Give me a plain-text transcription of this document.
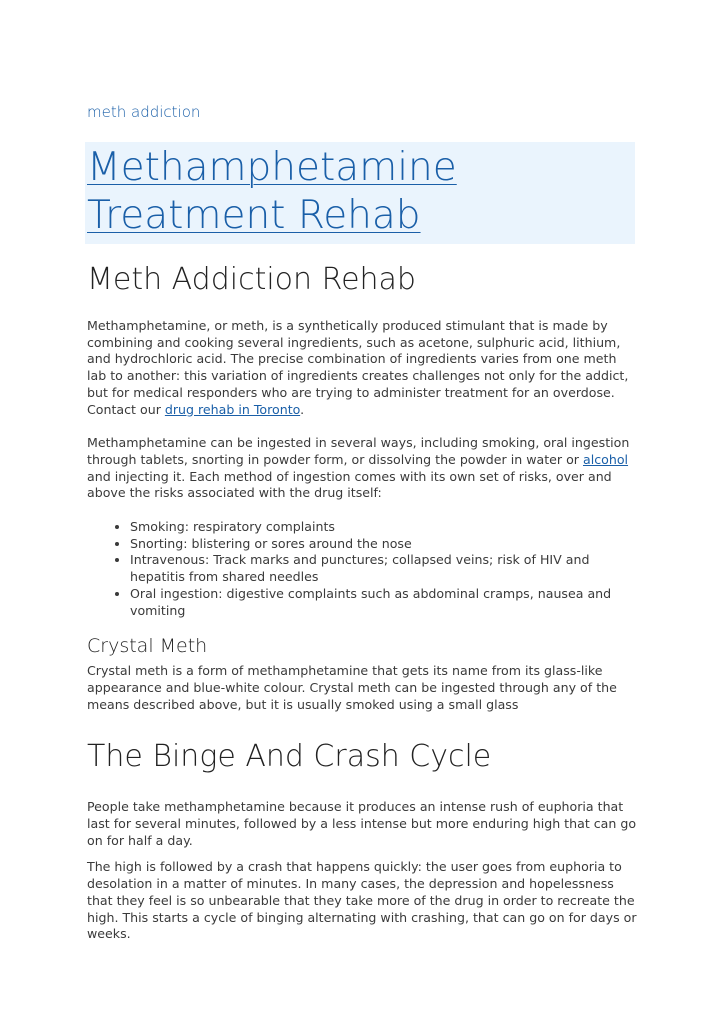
meth addiction
Methamphetamine Treatment Rehab
Meth Addiction Rehab

Methamphetamine, or meth, is a synthetically produced stimulant that is made by combining and cooking several ingredients, such as acetone, sulphuric acid, lithium, and hydrochloric acid. The precise combination of ingredients varies from one meth lab to another: this variation of ingredients creates challenges not only for the addict, but for medical responders who are trying to administer treatment for an overdose. Contact our drug rehab in Toronto.

Methamphetamine can be ingested in several ways, including smoking, oral ingestion through tablets, snorting in powder form, or dissolving the powder in water or alcohol and injecting it. Each method of ingestion comes with its own set of risks, over and above the risks associated with the drug itself:

• Smoking: respiratory complaints
• Snorting: blistering or sores around the nose
• Intravenous: Track marks and punctures; collapsed veins; risk of HIV and hepatitis from shared needles
• Oral ingestion: digestive complaints such as abdominal cramps, nausea and vomiting
Crystal Meth

Crystal meth is a form of methamphetamine that gets its name from its glass-like appearance and blue-white colour. Crystal meth can be ingested through any of the means described above, but it is usually smoked using a small glass

The Binge And Crash Cycle

People take methamphetamine because it produces an intense rush of euphoria that last for several minutes, followed by a less intense but more enduring high that can go on for half a day.

The high is followed by a crash that happens quickly: the user goes from euphoria to desolation in a matter of minutes. In many cases, the depression and hopelessness that they feel is so unbearable that they take more of the drug in order to recreate the high. This starts a cycle of binging alternating with crashing, that can go on for days or weeks.
